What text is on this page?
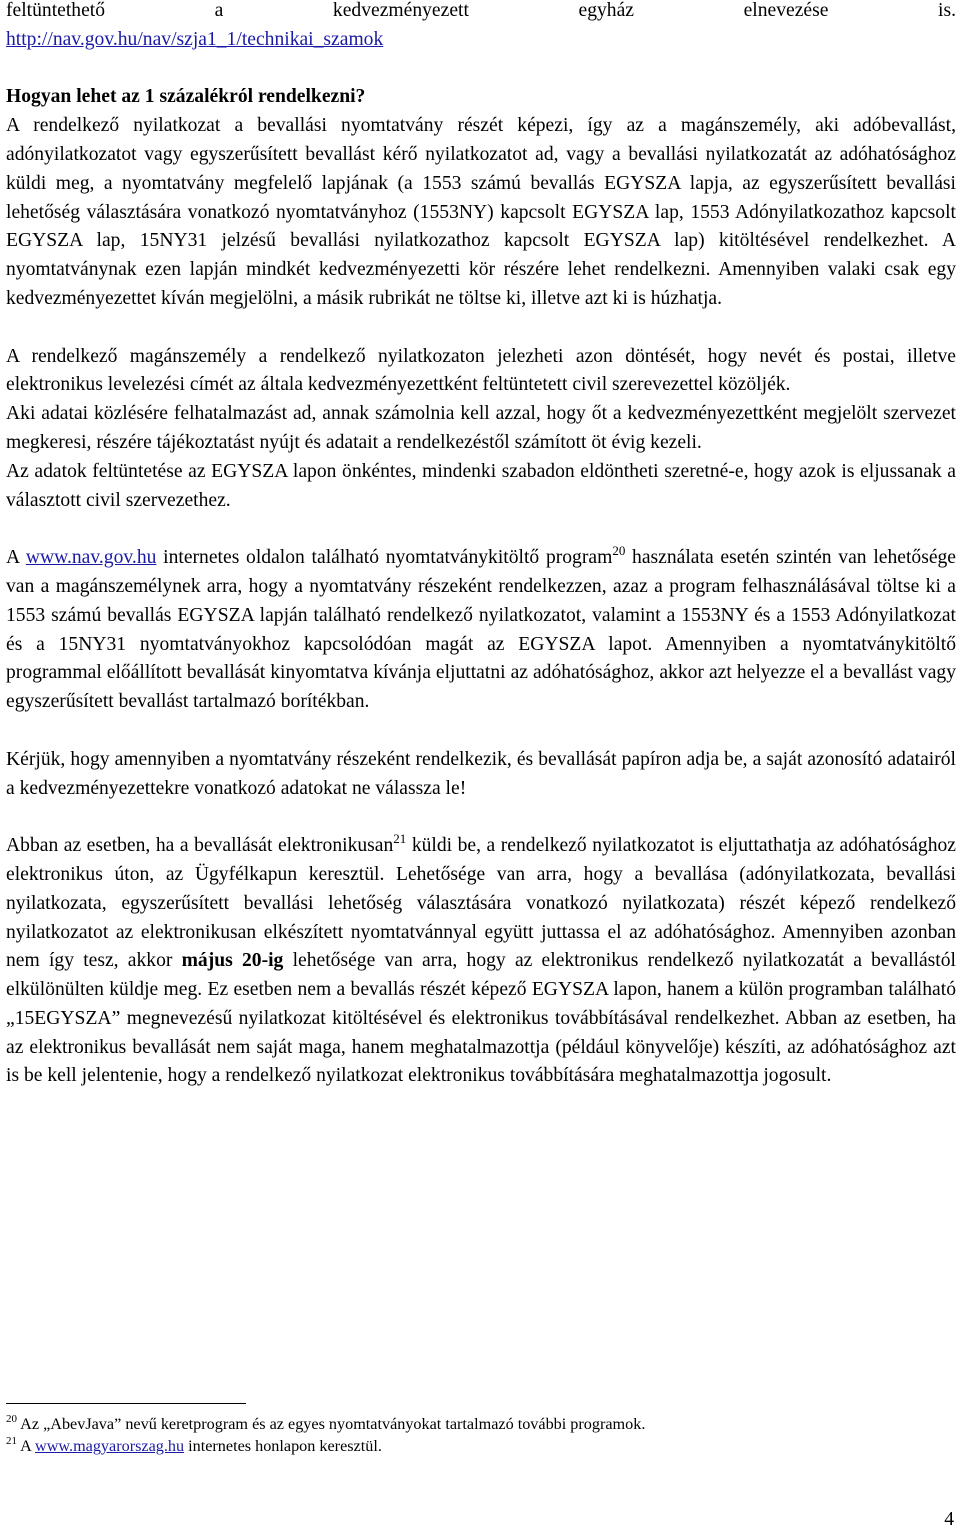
feltüntethető a kedvezményezett egyház elnevezése is.

http://nav.gov.hu/nav/szja1_1/technikai_szamok

Hogyan lehet az 1 százalékról rendelkezni?

A rendelkező nyilatkozat a bevallási nyomtatvány részét képezi, így az a magánszemély, aki adóbevallást, adónyilatkozatot vagy egyszerűsített bevallást kérő nyilatkozatot ad, vagy a bevallási nyilatkozatát az adóhatósághoz küldi meg, a nyomtatvány megfelelő lapjának (a 1553 számú bevallás EGYSZA lapja, az egyszerűsített bevallási lehetőség választására vonatkozó nyomtatványhoz (1553NY) kapcsolt EGYSZA lap, 1553 Adónyilatkozathoz kapcsolt EGYSZA lap, 15NY31 jelzésű bevallási nyilatkozathoz kapcsolt EGYSZA lap) kitöltésével rendelkezhet. A nyomtatványnak ezen lapján mindkét kedvezményezetti kör részére lehet rendelkezni. Amennyiben valaki csak egy kedvezményezettet kíván megjelölni, a másik rubrikát ne töltse ki, illetve azt ki is húzhatja.

A rendelkező magánszemély a rendelkező nyilatkozaton jelezheti azon döntését, hogy nevét és postai, illetve elektronikus levelezési címét az általa kedvezményezettként feltüntetett civil szerevezettel közöljék.

Aki adatai közlésére felhatalmazást ad, annak számolnia kell azzal, hogy őt a kedvezményezettként megjelölt szervezet megkeresi, részére tájékoztatást nyújt és adatait a rendelkezéstől számított öt évig kezeli.

Az adatok feltüntetése az EGYSZA lapon önkéntes, mindenki szabadon eldöntheti szeretné-e, hogy azok is eljussanak a választott civil szervezethez.

A www.nav.gov.hu internetes oldalon található nyomtatványkitöltő program$^{20}$ használata esetén szintén van lehetősége van a magánszemélynek arra, hogy a nyomtatvány részeként rendelkezzen, azaz a program felhasználásával töltse ki a 1553 számú bevallás EGYSZA lapján található rendelkező nyilatkozatot, valamint a 1553NY és a 1553 Adónyilatkozat és a 15NY31 nyomtatványokhoz kapcsolódóan magát az EGYSZA lapot. Amennyiben a nyomtatványkitöltő programmal előállított bevallását kinyomtatva kívánja eljuttatni az adóhatósághoz, akkor azt helyezze el a bevallást vagy egyszerűsített bevallást tartalmazó borítékban.

Kérjük, hogy amennyiben a nyomtatvány részeként rendelkezik, és bevallását papíron adja be, a saját azonosító adatairól a kedvezményezettekre vonatkozó adatokat ne válassza le!

Abban az esetben, ha a bevallását elektronikusan$^{21}$ küldi be, a rendelkező nyilatkozatot is eljuttathatja az adóhatósághoz elektronikus úton, az Ügyfélkapun keresztül. Lehetősége van arra, hogy a bevallása (adónyilatkozata, bevallási nyilatkozata, egyszerűsített bevallási lehetőség választására vonatkozó nyilatkozata) részét képező rendelkező nyilatkozatot az elektronikusan elkészített nyomtatvánnyal együtt juttassa el az adóhatósághoz. Amennyiben azonban nem így tesz, akkor május 20-ig lehetősége van arra, hogy az elektronikus rendelkező nyilatkozatát a bevallástól elkülönülten küldje meg. Ez esetben nem a bevallás részét képező EGYSZA lapon, hanem a külön programban található „15EGYSZA” megnevezésű nyilatkozat kitöltésével és elektronikus továbbításával rendelkezhet. Abban az esetben, ha az elektronikus bevallását nem saját maga, hanem meghatalmazottja (például könyvelője) készíti, az adóhatósághoz azt is be kell jelentenie, hogy a rendelkező nyilatkozat elektronikus továbbítására meghatalmazottja jogosult.

$^{20}$ Az „AbevJava” nevű keretprogram és az egyes nyomtatványokat tartalmazó további programok.

$^{21}$ A www.magyarorszag.hu internetes honlapon keresztül.

4
